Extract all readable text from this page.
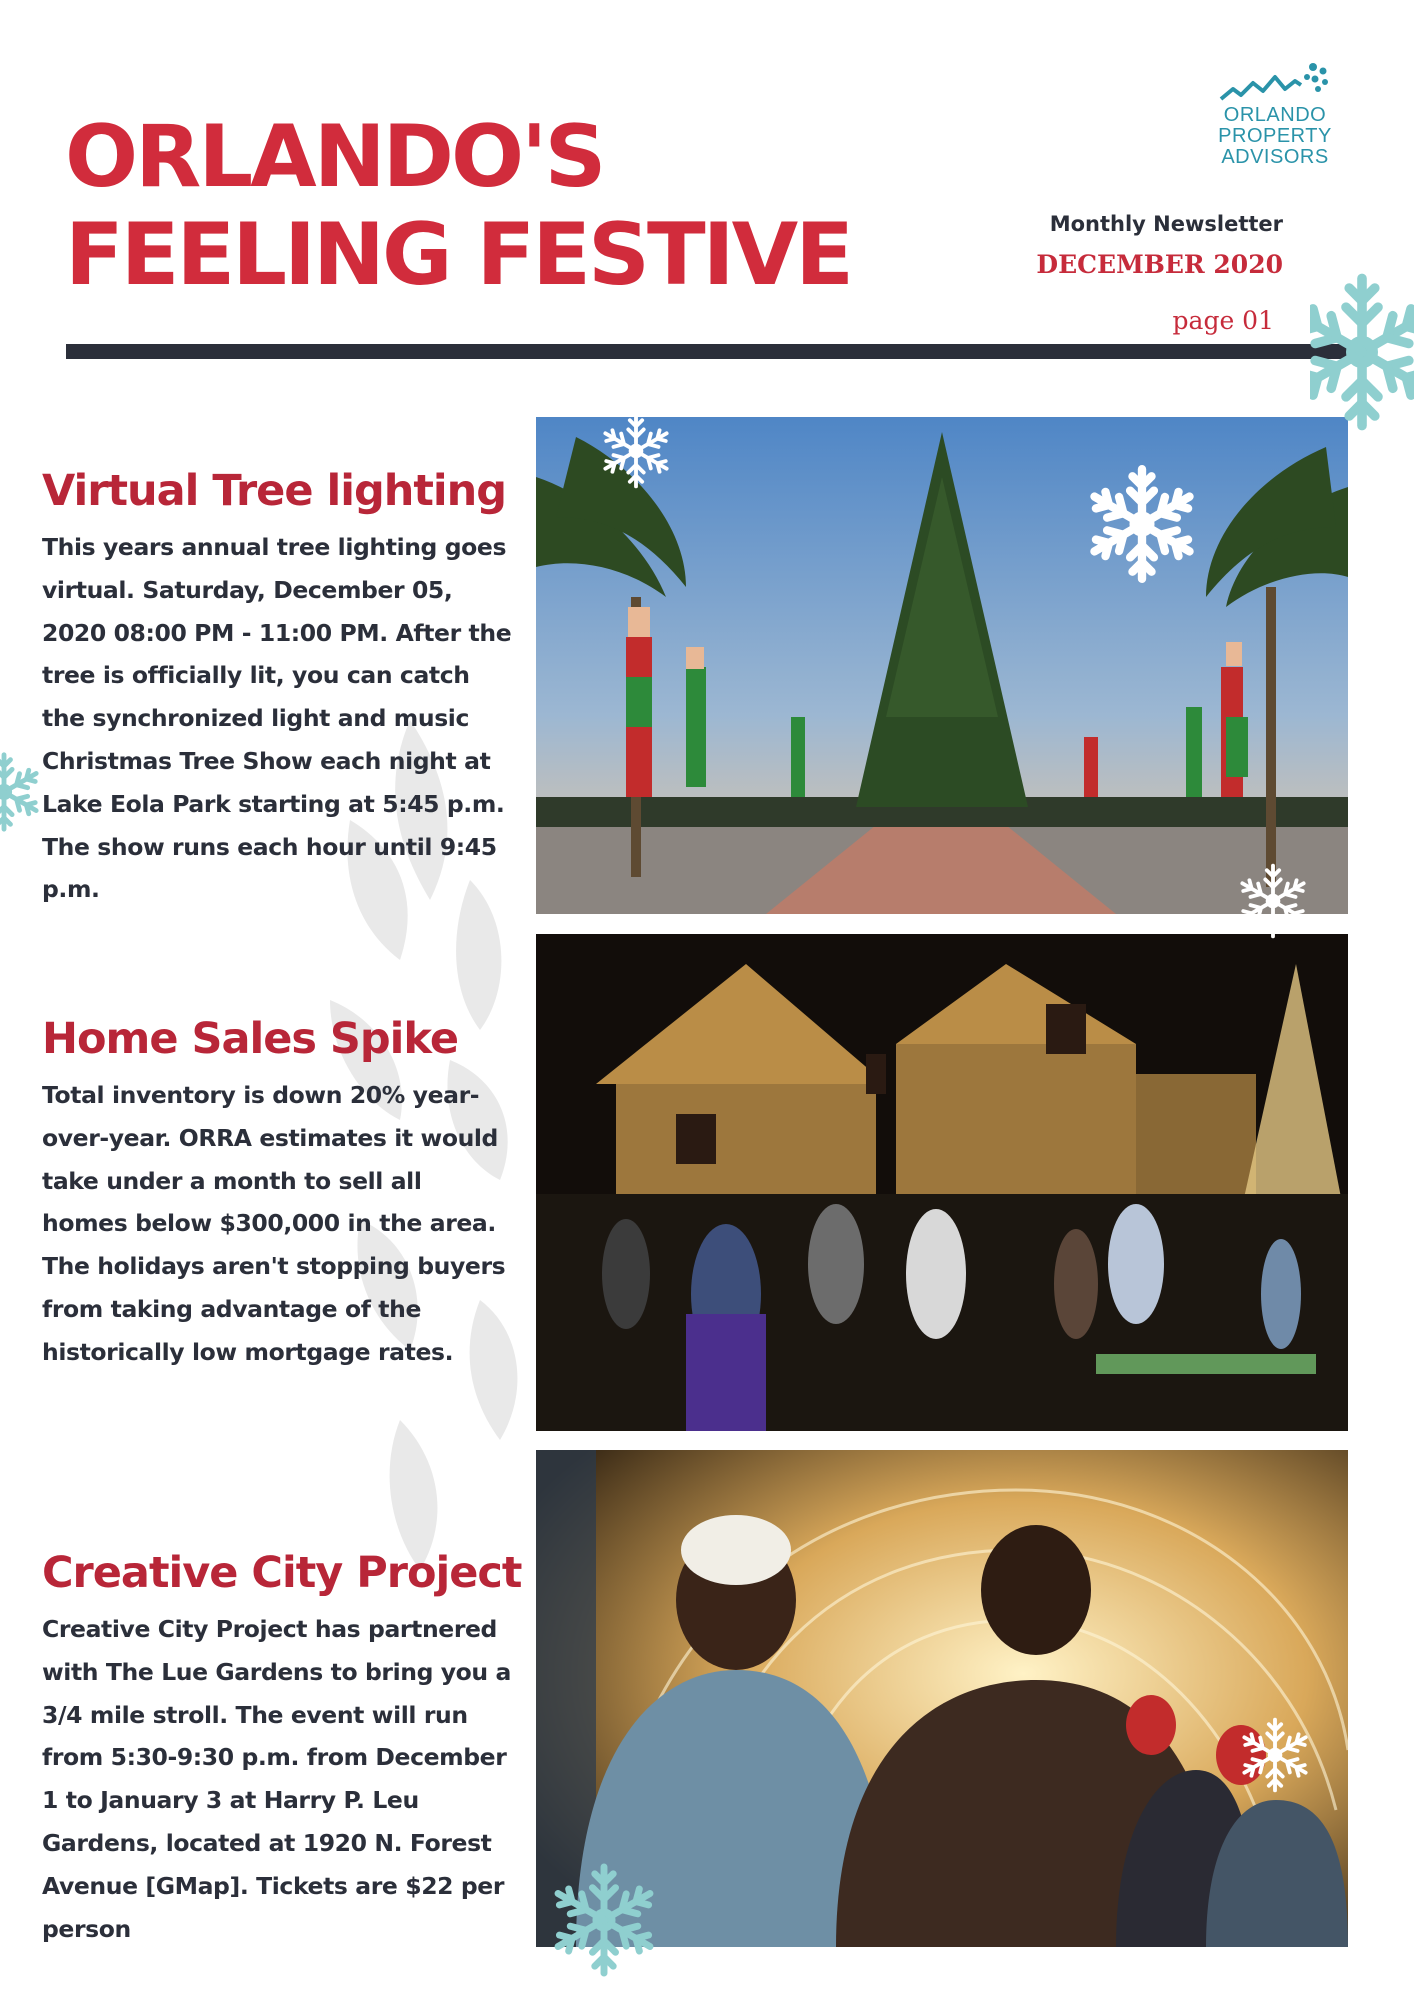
ORLANDO'S
FEELING FESTIVE
ORLANDO
PROPERTY
ADVISORS
Monthly Newsletter
DECEMBER 2020
page 01
Virtual Tree lighting

This years annual tree lighting goes virtual. Saturday, December 05, 2020 08:00 PM - 11:00 PM. After the tree is officially lit, you can catch the synchronized light and music Christmas Tree Show each night at Lake Eola Park starting at 5:45 p.m. The show runs each hour until 9:45 p.m.

Home Sales Spike

Total inventory is down 20% year-over-year. ORRA estimates it would take under a month to sell all homes below $300,000 in the area. The holidays aren't stopping buyers from taking advantage of the historically low mortgage rates.

Creative City Project

Creative City Project has partnered with The Lue Gardens to bring you a 3/4 mile stroll. The event will run from 5:30-9:30 p.m. from December 1 to January 3 at Harry P. Leu Gardens, located at 1920 N. Forest Avenue [GMap]. Tickets are $22 per person
